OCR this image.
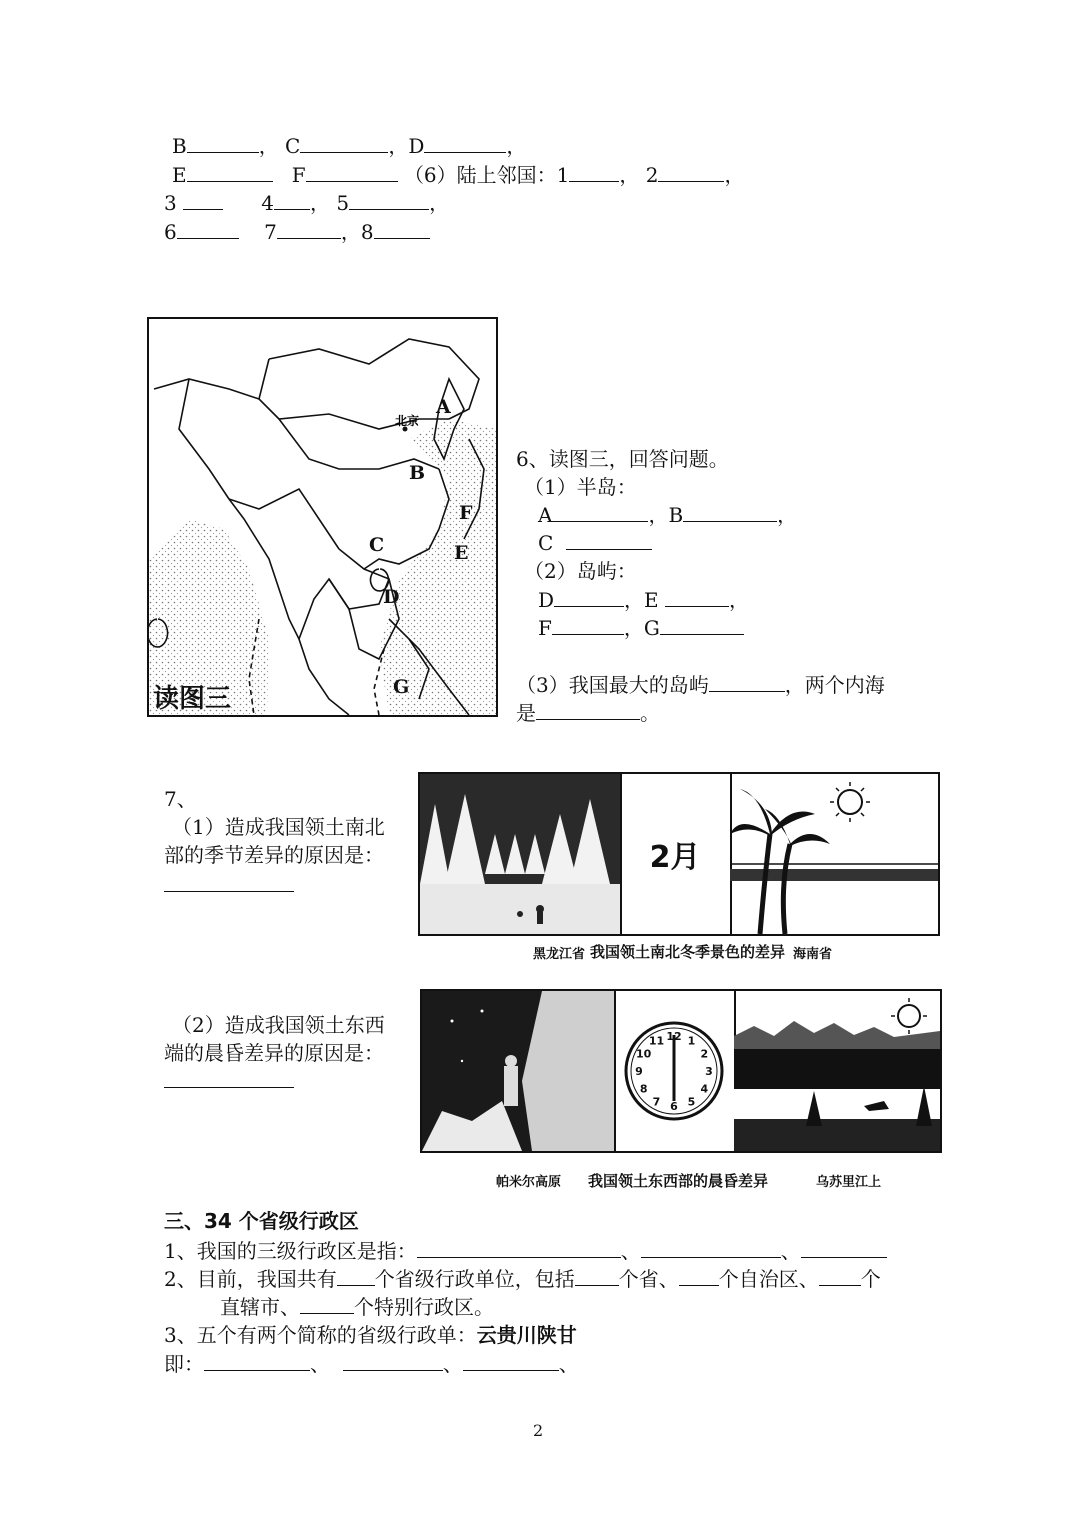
B	， C	，D	，
E	F	（6）陆上邻国：1	， 2	，
3	4 ， 5	，
6	7	，8
北京
A
B
C
D
E
F
G
读图三
6、读图三，回答问题。
（1）半岛：
A	，B	，
C
（2）岛屿：
D	，E	，
F	，G
（3）我国最大的岛屿	，两个内海
是	。
7、
（1）造成我国领土南北
部的季节差异的原因是：
（2）造成我国领土东西
端的晨昏差异的原因是：
2月
黑龙江省 我国领土南北冬季景色的差异 海南省
12 1
2
3
4
5
6
7
8
9
10
11
帕米尔高原 我国领土东西部的晨昏差异	乌苏里江上
三、34 个省级行政区
1、我国的三级行政区是指：	、	、
2、目前，我国共有 个省级行政单位，包括 个省、 个自治区、 个
直辖市、	个特别行政区。
3、五个有两个简称的省级行政单：云贵川陕甘
即：	、	、	、
2
